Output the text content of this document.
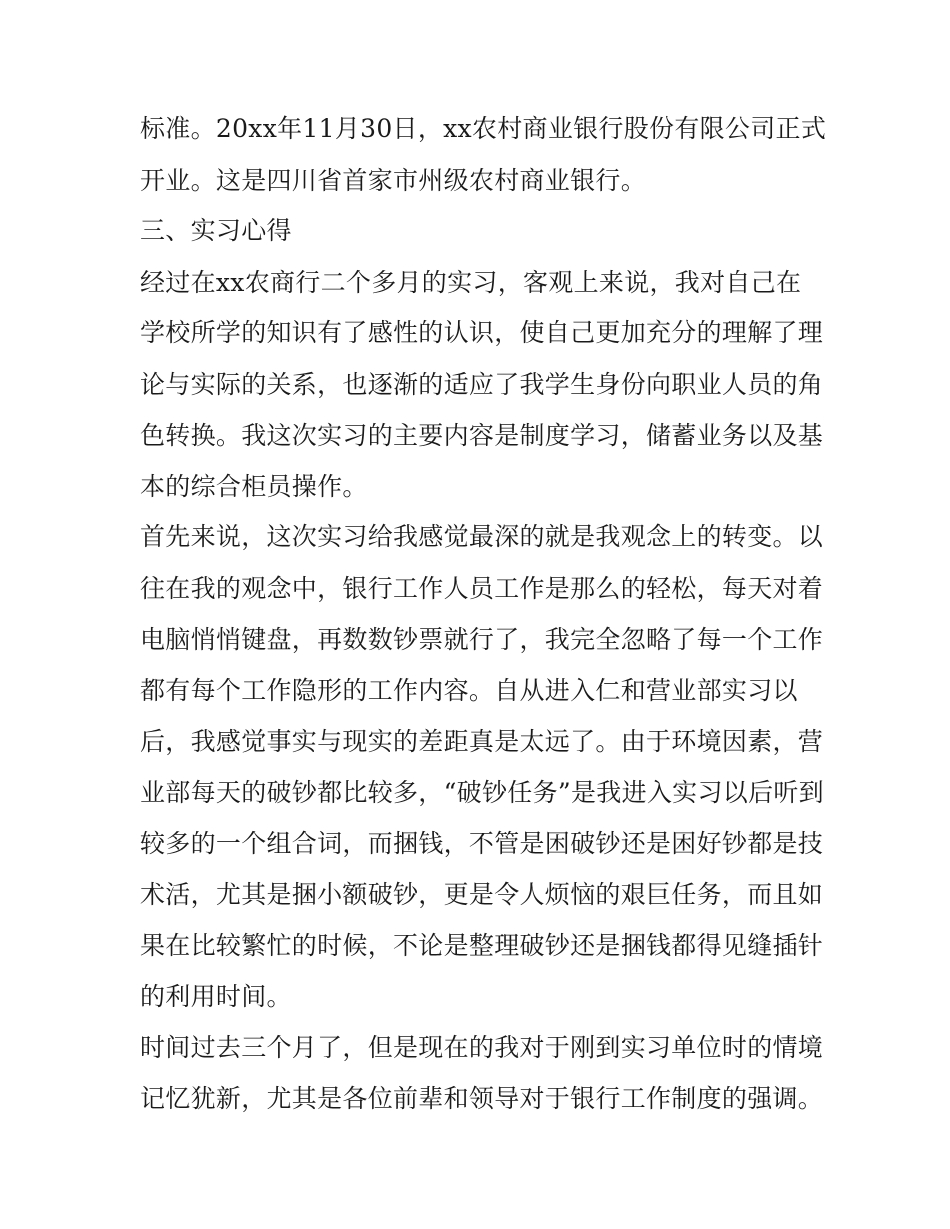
标准。20xx年11月30日，xx农村商业银行股份有限公司正式
开业。这是四川省首家市州级农村商业银行。
三、实习心得
经过在xx农商行二个多月的实习，客观上来说，我对自己在
学校所学的知识有了感性的认识，使自己更加充分的理解了理
论与实际的关系，也逐渐的适应了我学生身份向职业人员的角
色转换。我这次实习的主要内容是制度学习，储蓄业务以及基
本的综合柜员操作。
首先来说，这次实习给我感觉最深的就是我观念上的转变。以
往在我的观念中，银行工作人员工作是那么的轻松，每天对着
电脑悄悄键盘，再数数钞票就行了，我完全忽略了每一个工作
都有每个工作隐形的工作内容。自从进入仁和营业部实习以
后，我感觉事实与现实的差距真是太远了。由于环境因素，营
业部每天的破钞都比较多，“破钞任务”是我进入实习以后听到
较多的一个组合词，而捆钱，不管是困破钞还是困好钞都是技
术活，尤其是捆小额破钞，更是令人烦恼的艰巨任务，而且如
果在比较繁忙的时候，不论是整理破钞还是捆钱都得见缝插针
的利用时间。
时间过去三个月了，但是现在的我对于刚到实习单位时的情境
记忆犹新，尤其是各位前辈和领导对于银行工作制度的强调。
